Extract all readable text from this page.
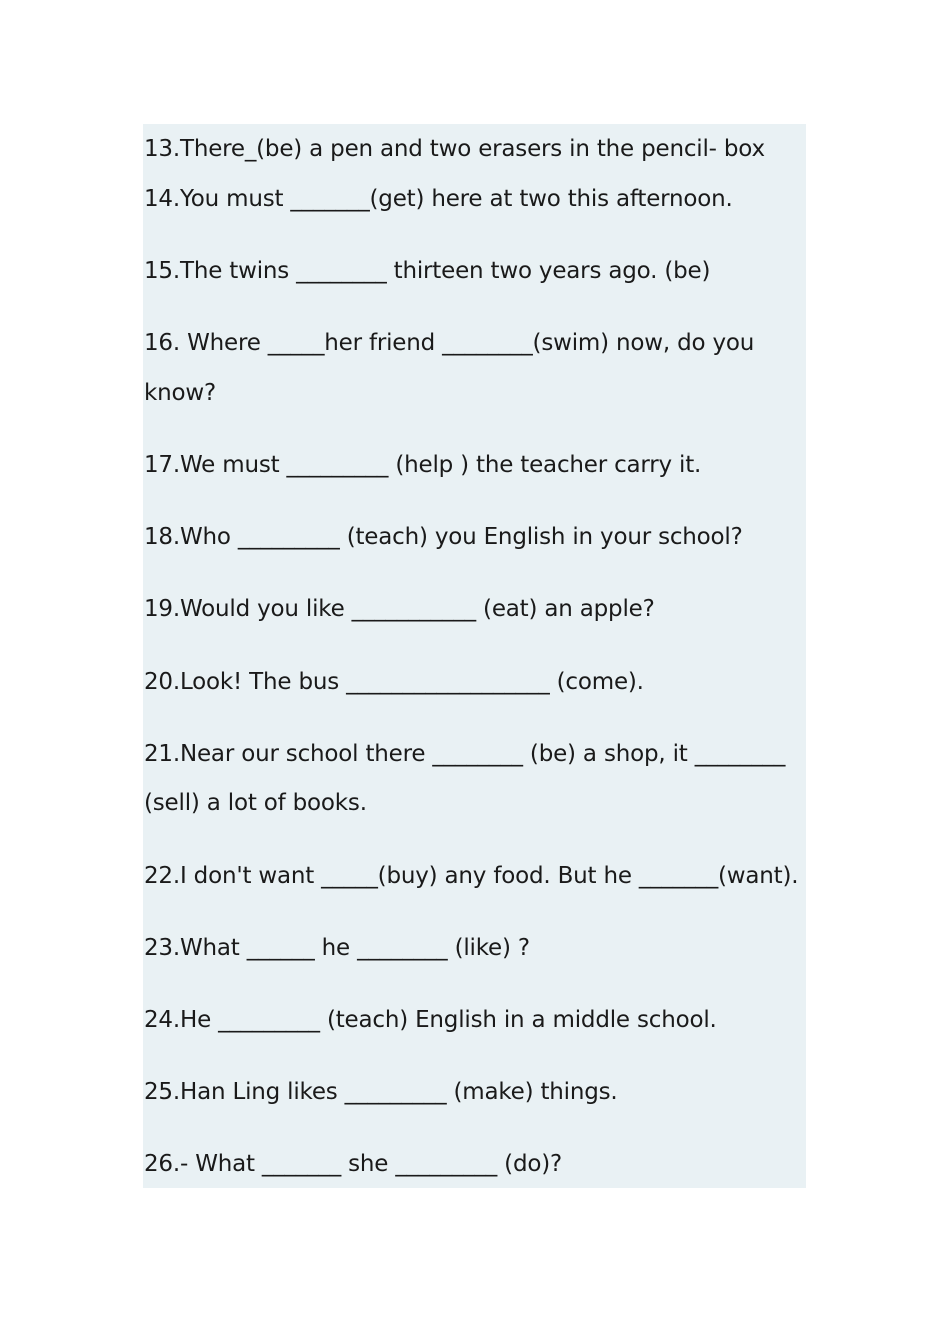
13.There_(be) a pen and two erasers in the pencil- box
14.You must _______(get) here at two this afternoon.
15.The twins ________ thirteen two years ago. (be)
16. Where _____her friend ________(swim) now, do you
know?
17.We must _________ (help ) the teacher carry it.
18.Who _________ (teach) you English in your school?
19.Would you like ___________ (eat) an apple?
20.Look! The bus __________________ (come).
21.Near our school there ________ (be) a shop, it ________
(sell) a lot of books.
22.I don't want _____(buy) any food. But he _______(want).
23.What ______ he ________ (like) ?
24.He _________ (teach) English in a middle school.
25.Han Ling likes _________ (make) things.
26.- What _______ she _________ (do)?
